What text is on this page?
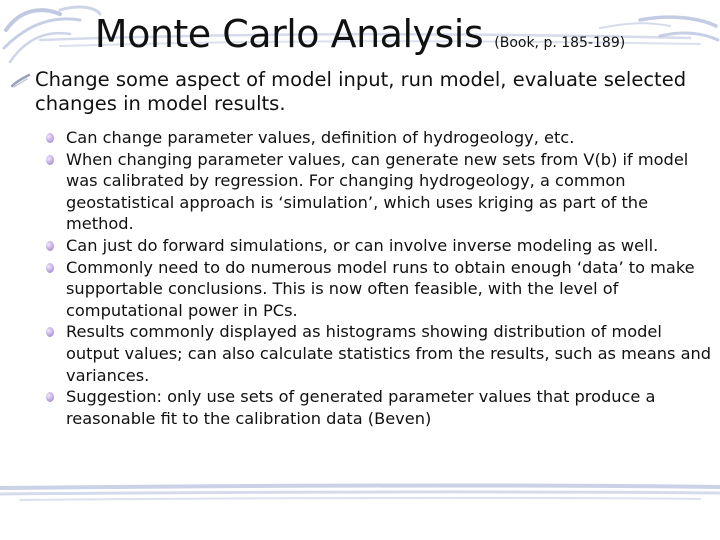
Monte Carlo Analysis (Book, p. 185-189)
Change some aspect of model input, run model, evaluate selected changes in model results.
Can change parameter values, definition of hydrogeology, etc.
When changing parameter values, can generate new sets from V(b) if model was calibrated by regression. For changing hydrogeology, a common geostatistical approach is ‘simulation’, which uses kriging as part of the method.
Can just do forward simulations, or can involve inverse modeling as well.
Commonly need to do numerous model runs to obtain enough ‘data’ to make supportable conclusions. This is now often feasible, with the level of computational power in PCs.
Results commonly displayed as histograms showing distribution of model output values; can also calculate statistics from the results, such as means and variances.
Suggestion: only use sets of generated parameter values that produce a reasonable fit to the calibration data (Beven)
